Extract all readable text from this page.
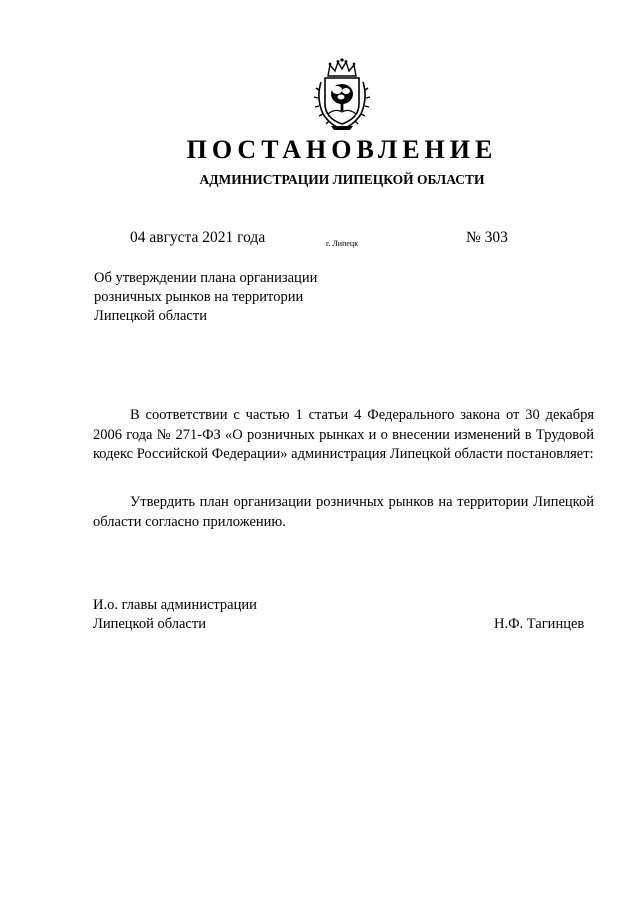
ПОСТАНОВЛЕНИЕ
АДМИНИСТРАЦИИ ЛИПЕЦКОЙ ОБЛАСТИ
04 августа 2021 года	г. Липецк	№ 303
Об утверждении плана организации
розничных рынков на территории
Липецкой области

В соответствии с частью 1 статьи 4 Федерального закона от 30 декабря 2006 года № 271-ФЗ «О розничных рынках и о внесении изменений в Трудовой кодекс Российской Федерации» администрация Липецкой области постановляет:

Утвердить план организации розничных рынков на территории Липецкой области согласно приложению.

И.о. главы администрации
Липецкой области	Н.Ф. Тагинцев
